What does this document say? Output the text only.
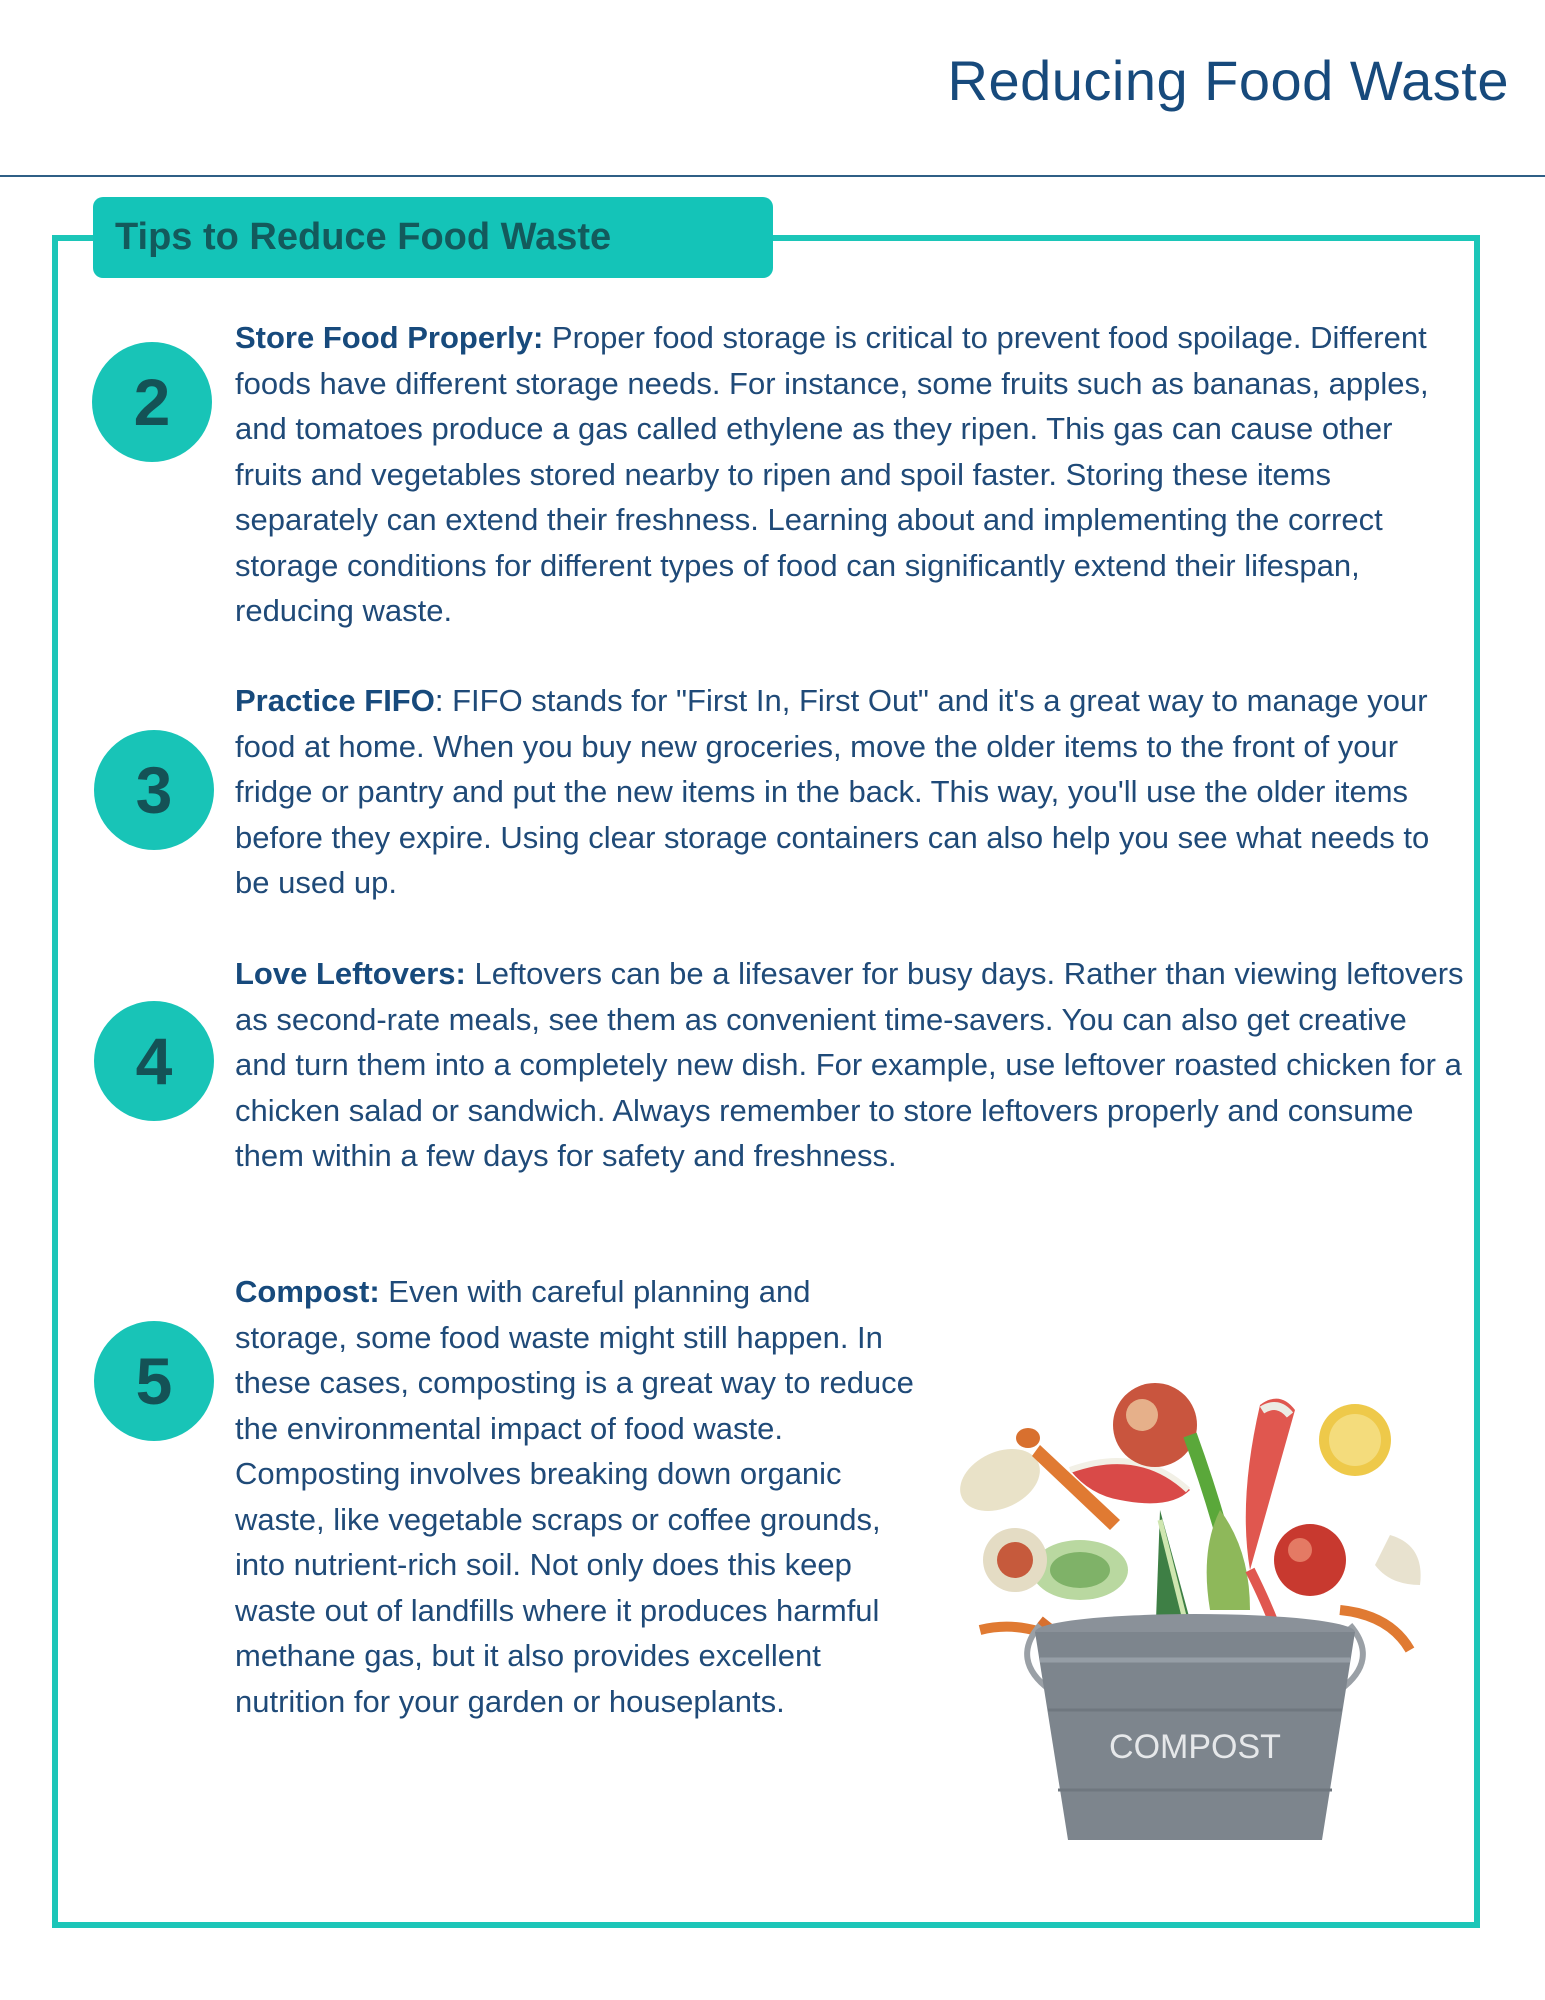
Reducing Food Waste
Tips to Reduce Food Waste
2
Store Food Properly: Proper food storage is critical to prevent food spoilage. Different foods have different storage needs. For instance, some fruits such as bananas, apples, and tomatoes produce a gas called ethylene as they ripen. This gas can cause other fruits and vegetables stored nearby to ripen and spoil faster. Storing these items separately can extend their freshness. Learning about and implementing the correct storage conditions for different types of food can significantly extend their lifespan, reducing waste.
3
Practice FIFO: FIFO stands for "First In, First Out" and it's a great way to manage your food at home. When you buy new groceries, move the older items to the front of your fridge or pantry and put the new items in the back. This way, you'll use the older items before they expire. Using clear storage containers can also help you see what needs to be used up.
4
Love Leftovers: Leftovers can be a lifesaver for busy days. Rather than viewing leftovers as second-rate meals, see them as convenient time-savers. You can also get creative and turn them into a completely new dish. For example, use leftover roasted chicken for a chicken salad or sandwich. Always remember to store leftovers properly and consume them within a few days for safety and freshness.
5
Compost: Even with careful planning and storage, some food waste might still happen. In these cases, composting is a great way to reduce the environmental impact of food waste. Composting involves breaking down organic waste, like vegetable scraps or coffee grounds, into nutrient-rich soil. Not only does this keep waste out of landfills where it produces harmful methane gas, but it also provides excellent nutrition for your garden or houseplants.
COMPOST
